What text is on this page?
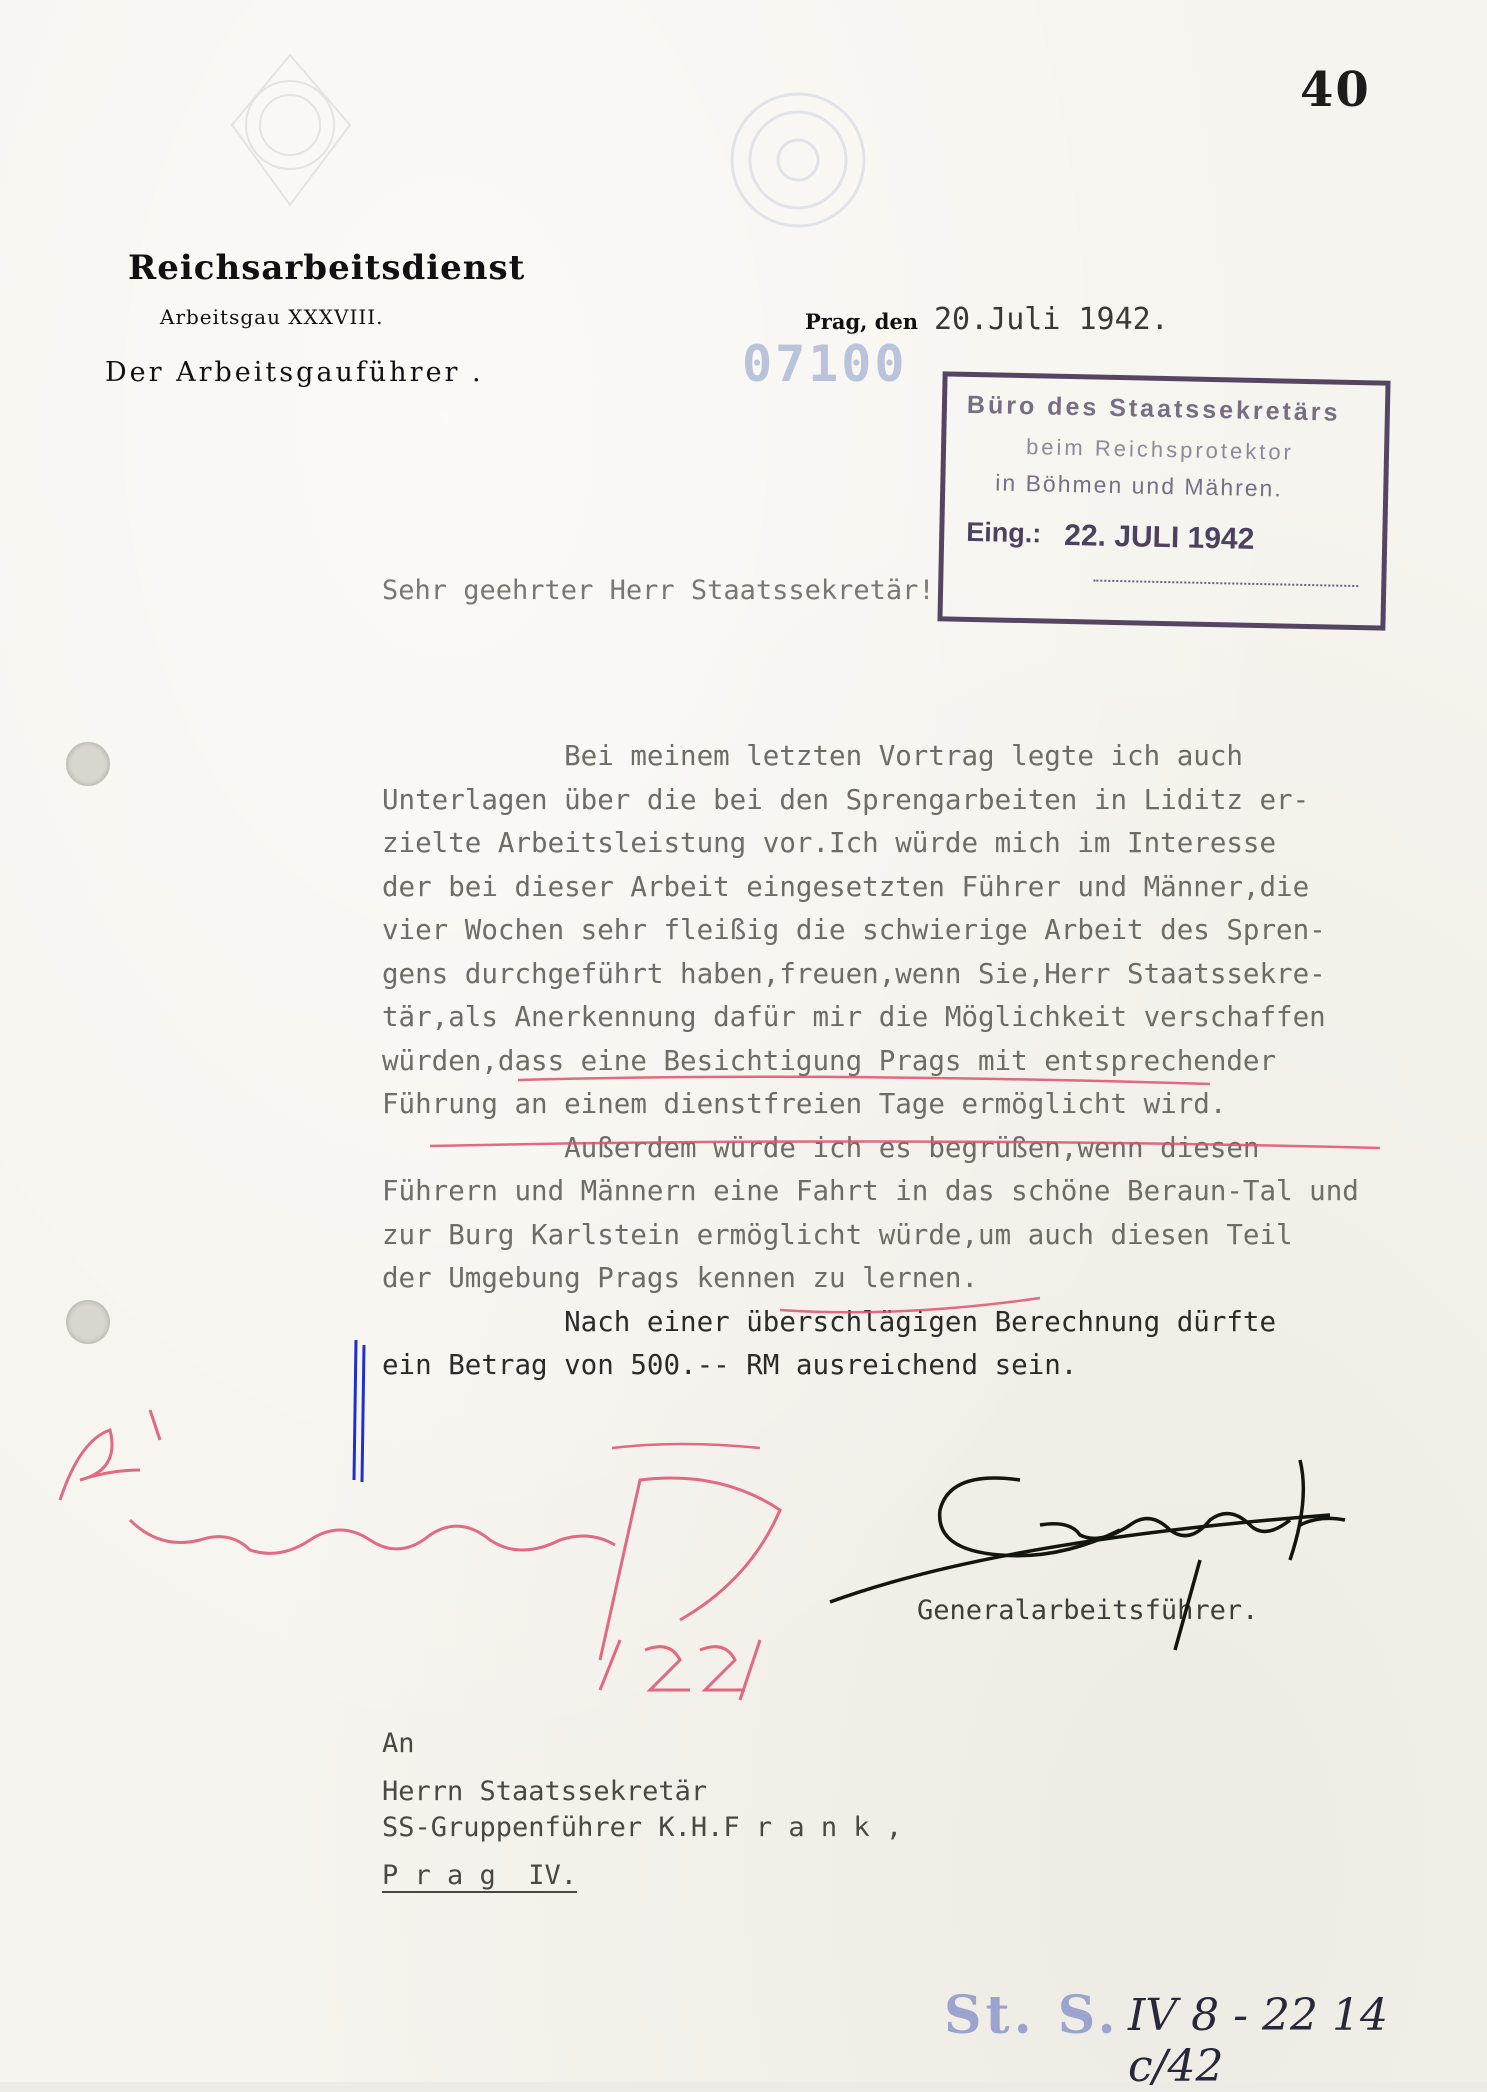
40
Reichsarbeitsdienst
Arbeitsgau XXXVIII.
Der Arbeitsgauführer .
Prag, den 20.Juli 1942.
07100
Büro des Staatssekretärs
beim Reichsprotektor
in Böhmen und Mähren.
Eing.: 22. JULI 1942
Sehr geehrter Herr Staatssekretär!
Bei meinem letzten Vortrag legte ich auch
Unterlagen über die bei den Sprengarbeiten in Liditz er-
zielte Arbeitsleistung vor.Ich würde mich im Interesse
der bei dieser Arbeit eingesetzten Führer und Männer,die
vier Wochen sehr fleißig die schwierige Arbeit des Spren-
gens durchgeführt haben,freuen,wenn Sie,Herr Staatssekre-
tär,als Anerkennung dafür mir die Möglichkeit verschaffen
würden,dass eine Besichtigung Prags mit entsprechender
Führung an einem dienstfreien Tage ermöglicht wird.
Außerdem würde ich es begrüßen,wenn diesen
Führern und Männern eine Fahrt in das schöne Beraun-Tal und
zur Burg Karlstein ermöglicht würde,um auch diesen Teil
der Umgebung Prags kennen zu lernen.
Nach einer überschlägigen Berechnung dürfte
ein Betrag von 500.-- RM ausreichend sein.
Generalarbeitsführer.
An
Herrn Staatssekretär
SS-Gruppenführer K.H.F r a n k ,
P r a g  IV.
St. S. IV 8 - 22 14 c/42
